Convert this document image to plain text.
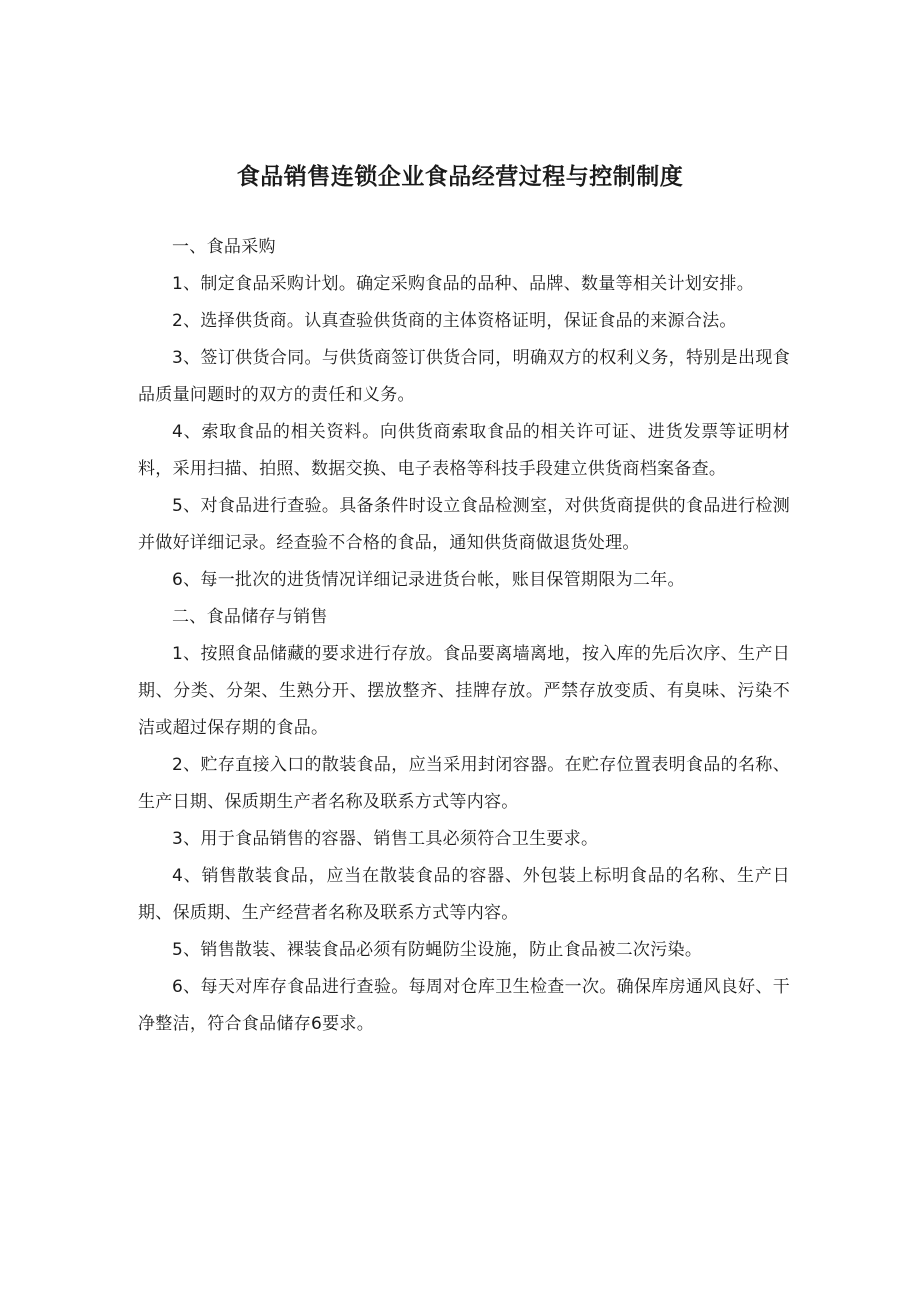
食品销售连锁企业食品经营过程与控制制度

一、食品采购

1、制定食品采购计划。确定采购食品的品种、品牌、数量等相关计划安排。

2、选择供货商。认真查验供货商的主体资格证明，保证食品的来源合法。

3、签订供货合同。与供货商签订供货合同，明确双方的权利义务，特别是出现食品质量问题时的双方的责任和义务。

4、索取食品的相关资料。向供货商索取食品的相关许可证、进货发票等证明材料，采用扫描、拍照、数据交换、电子表格等科技手段建立供货商档案备查。

5、对食品进行查验。具备条件时设立食品检测室，对供货商提供的食品进行检测并做好详细记录。经查验不合格的食品，通知供货商做退货处理。

6、每一批次的进货情况详细记录进货台帐，账目保管期限为二年。

二、食品储存与销售

1、按照食品储藏的要求进行存放。食品要离墙离地，按入库的先后次序、生产日期、分类、分架、生熟分开、摆放整齐、挂牌存放。严禁存放变质、有臭味、污染不洁或超过保存期的食品。

2、贮存直接入口的散装食品，应当采用封闭容器。在贮存位置表明食品的名称、生产日期、保质期生产者名称及联系方式等内容。

3、用于食品销售的容器、销售工具必须符合卫生要求。

4、销售散装食品，应当在散装食品的容器、外包装上标明食品的名称、生产日期、保质期、生产经营者名称及联系方式等内容。

5、销售散装、裸装食品必须有防蝇防尘设施，防止食品被二次污染。

6、每天对库存食品进行查验。每周对仓库卫生检查一次。确保库房通风良好、干净整洁，符合食品储存6要求。
